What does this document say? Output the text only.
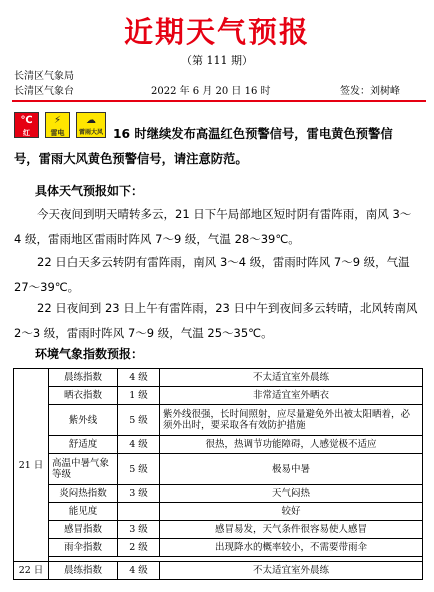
近期天气预报
（第 111 期）
长清区气象局
长清区气象台	2022 年 6 月 20 日 16 时	签发：刘树峰
℃
红
⚡
雷电
☁
雷雨大风 16 时继续发布高温红色预警信号，雷电黄色预警信号，雷雨大风黄色预警信号，请注意防范。
具体天气预报如下：
今天夜间到明天晴转多云，21 日下午局部地区短时阴有雷阵雨，南风 3～4 级，雷雨地区雷雨时阵风 7～9 级，气温 28～39℃。
22 日白天多云转阴有雷阵雨，南风 3～4 级，雷雨时阵风 7～9 级，气温 27～39℃。
22 日夜间到 23 日上午有雷阵雨，23 日中午到夜间多云转晴，北风转南风 2～3 级，雷雨时阵风 7～9 级，气温 25～35℃。
环境气象指数预报：
21 日	晨练指数	4 级	不太适宜室外晨练
	晒衣指数	1 级	非常适宜室外晒衣
	紫外线	5 级	紫外线很强，长时间照射，应尽量避免外出被太阳晒着，必须外出时，要采取各有效防护措施
	舒适度	4 级	很热，热调节功能障碍，人感觉极不适应
	高温中暑气象等级	5 级	极易中暑
	炎闷热指数	3 级	天气闷热
	能见度		较好
	感冒指数	3 级	感冒易发，天气条件很容易使人感冒
	雨伞指数	2 级	出现降水的概率较小，不需要带雨伞

22 日	晨练指数	4 级	不太适宜室外晨练
